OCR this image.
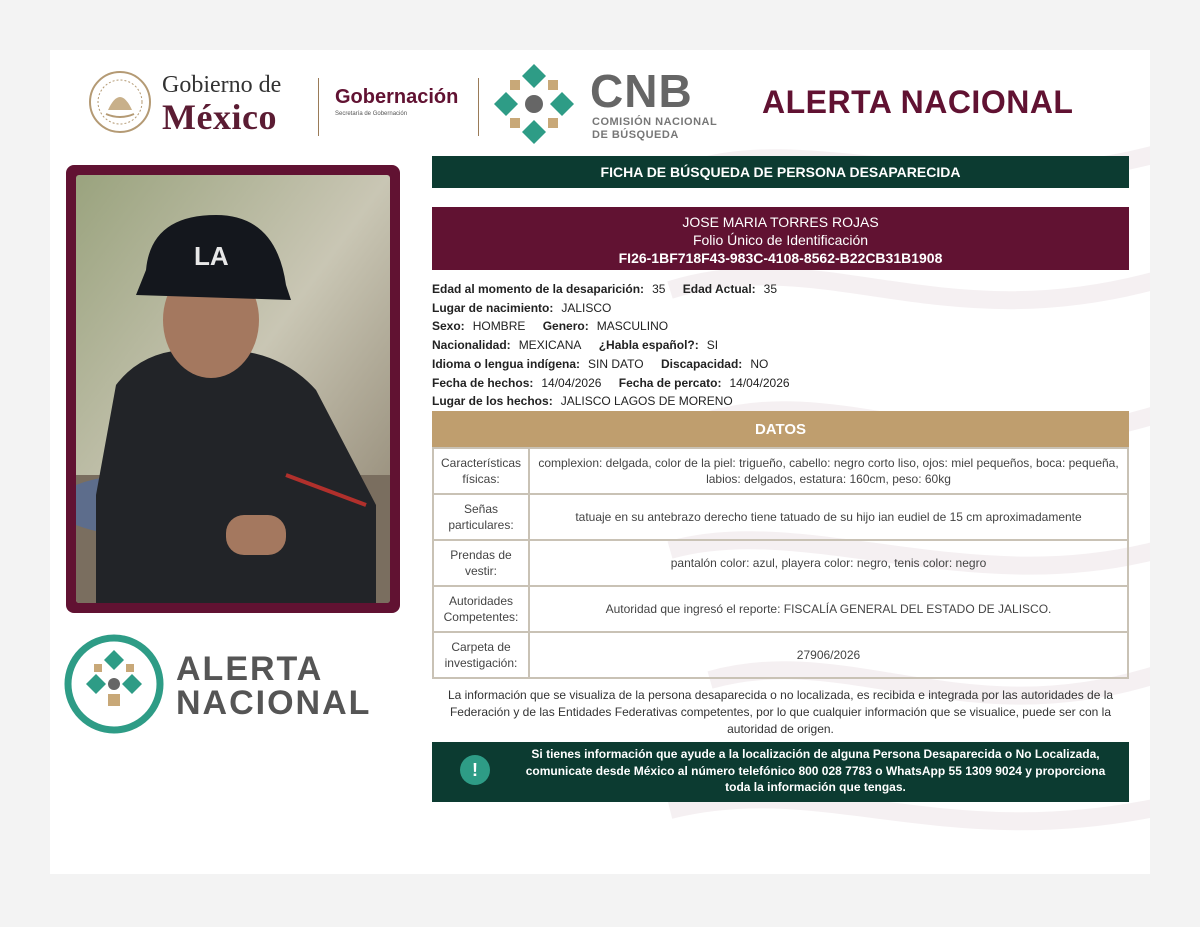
Gobierno de
México	Gobernación
Secretaría de Gobernación	CNB
COMISIÓN NACIONAL
DE BÚSQUEDA
ALERTA NACIONAL
LA
ALERTA
NACIONAL
FICHA DE BÚSQUEDA DE PERSONA DESAPARECIDA
JOSE MARIA TORRES ROJAS
Folio Único de Identificación
FI26-1BF718F43-983C-4108-8562-B22CB31B1908
Edad al momento de la desaparición: 35 Edad Actual: 35
Lugar de nacimiento: JALISCO
Sexo: HOMBRE Genero: MASCULINO
Nacionalidad: MEXICANA ¿Habla español?: SI
Idioma o lengua indígena: SIN DATO Discapacidad: NO
Fecha de hechos: 14/04/2026 Fecha de percato: 14/04/2026
Lugar de los hechos: JALISCO LAGOS DE MORENO
DATOS
Características físicas:	complexion: delgada, color de la piel: trigueño, cabello: negro corto liso, ojos: miel pequeños, boca: pequeña, labios: delgados, estatura: 160cm, peso: 60kg
Señas particulares:	tatuaje en su antebrazo derecho tiene tatuado de su hijo ian eudiel de 15 cm aproximadamente
Prendas de vestir:	pantalón color: azul, playera color: negro, tenis color: negro
Autoridades Competentes:	Autoridad que ingresó el reporte: FISCALÍA GENERAL DEL ESTADO DE JALISCO.
Carpeta de investigación:	27906/2026
La información que se visualiza de la persona desaparecida o no localizada, es recibida e integrada por las autoridades de la Federación y de las Entidades Federativas competentes, por lo que cualquier información que se visualice, puede ser con la autoridad de origen.
!
Si tienes información que ayude a la localización de alguna Persona Desaparecida o No Localizada, comunicate desde México al número telefónico 800 028 7783 o WhatsApp 55 1309 9024 y proporciona toda la información que tengas.
